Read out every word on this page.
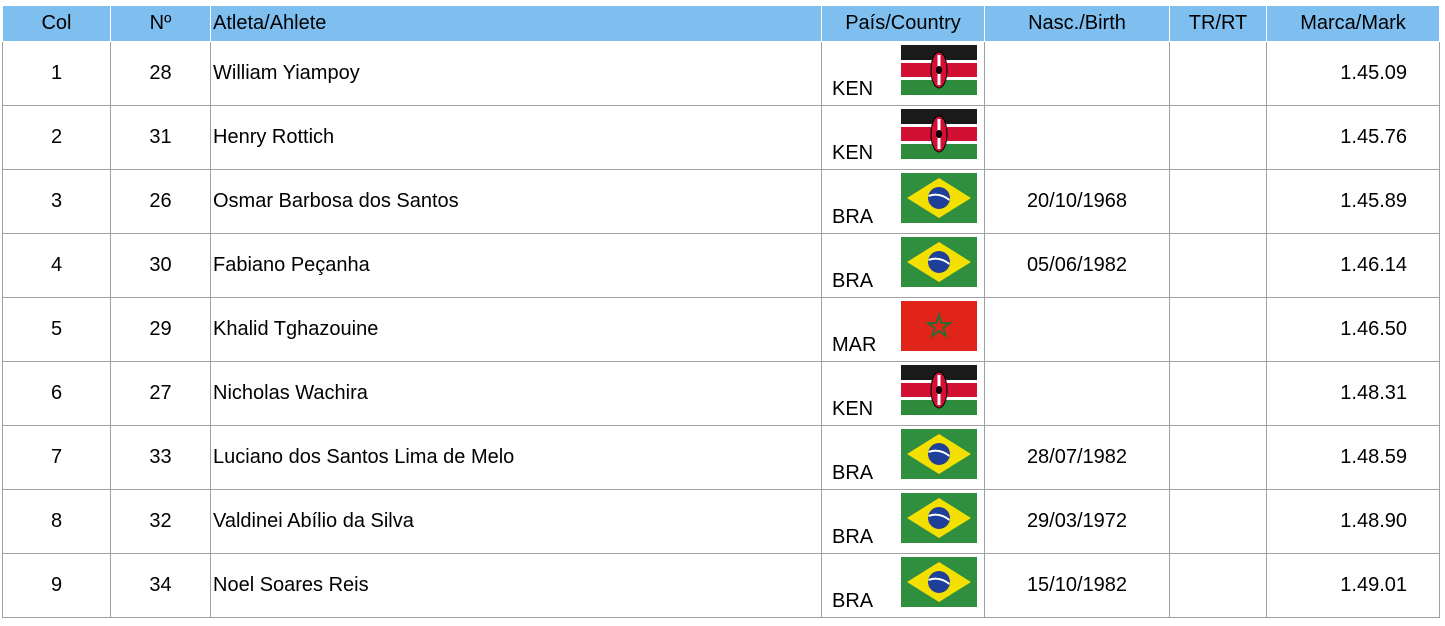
Col	Nº	Atleta/Ahlete	País/Country	Nasc./Birth	TR/RT	Marca/Mark
1	28	William Yiampoy	KEN			1.45.09
2	31	Henry Rottich	KEN			1.45.76
3	26	Osmar Barbosa dos Santos	BRA	20/10/1968		1.45.89
4	30	Fabiano Peçanha	BRA	05/06/1982		1.46.14
5	29	Khalid Tghazouine	MAR			1.46.50
6	27	Nicholas Wachira	KEN			1.48.31
7	33	Luciano dos Santos Lima de Melo	BRA	28/07/1982		1.48.59
8	32	Valdinei Abílio da Silva	BRA	29/03/1972		1.48.90
9	34	Noel Soares Reis	BRA	15/10/1982		1.49.01
